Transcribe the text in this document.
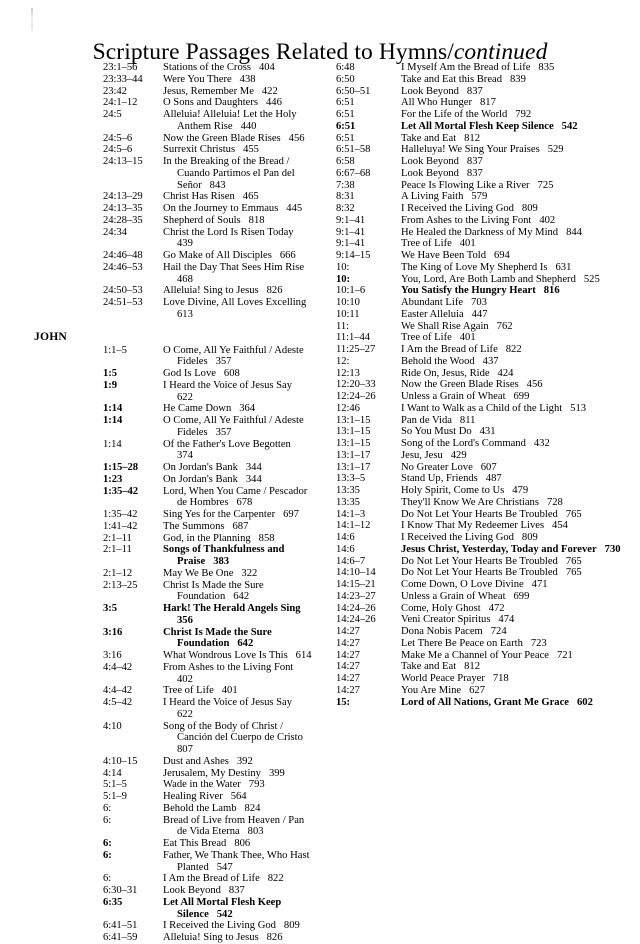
Scripture Passages Related to Hymns/continued
23:1–56	Stations of the Cross 404
23:33–44	Were You There 438
23:42	Jesus, Remember Me 422
24:1–12	O Sons and Daughters 446
24:5	Alleluia! Alleluia! Let the Holy Anthem Rise 440
24:5–6	Now the Green Blade Rises 456
24:5–6	Surrexit Christus 455
24:13–15	In the Breaking of the Bread / Cuando Partimos el Pan del Señor 843
24:13–29	Christ Has Risen 465
24:13–35	On the Journey to Emmaus 445
24:28–35	Shepherd of Souls 818
24:34	Christ the Lord Is Risen Today   439
24:46–48	Go Make of All Disciples 666
24:46–53	Hail the Day That Sees Him Rise   468
24:50–53	Alleluia! Sing to Jesus 826
24:51–53	Love Divine, All Loves Excelling   613
JOHN
1:1–5	O Come, All Ye Faithful / Adeste Fideles 357
1:5	God Is Love 608
1:9	I Heard the Voice of Jesus Say   622
1:14	He Came Down 364
1:14	O Come, All Ye Faithful / Adeste Fideles 357
1:14	Of the Father's Love Begotten   374
1:15–28	On Jordan's Bank 344
1:23	On Jordan's Bank 344
1:35–42	Lord, When You Came / Pescador de Hombres 678
1:35–42	Sing Yes for the Carpenter 697
1:41–42	The Summons 687
2:1–11	God, in the Planning 858
2:1–11	Songs of Thankfulness and Praise 383
2:1–12	May We Be One 322
2:13–25	Christ Is Made the Sure Foundation 642
3:5	Hark! The Herald Angels Sing   356
3:16	Christ Is Made the Sure Foundation 642
3:16	What Wondrous Love Is This 614
4:4–42	From Ashes to the Living Font   402
4:4–42	Tree of Life 401
4:5–42	I Heard the Voice of Jesus Say   622
4:10	Song of the Body of Christ / Canción del Cuerpo de Cristo   807
4:10–15	Dust and Ashes 392
4:14	Jerusalem, My Destiny 399
5:1–5	Wade in the Water 793
5:1–9	Healing River 564
6:	Behold the Lamb 824
6:	Bread of Live from Heaven / Pan de Vida Eterna 803
6:	Eat This Bread 806
6:	Father, We Thank Thee, Who Hast Planted 547
6:	I Am the Bread of Life 822
6:30–31	Look Beyond 837
6:35	Let All Mortal Flesh Keep Silence 542
6:41–51	I Received the Living God 809
6:41–59	Alleluia! Sing to Jesus 826
6:48	I Myself Am the Bread of Life 835
6:50	Take and Eat this Bread 839
6:50–51	Look Beyond 837
6:51	All Who Hunger 817
6:51	For the Life of the World 792
6:51	Let All Mortal Flesh Keep Silence 542
6:51	Take and Eat 812
6:51–58	Halleluya! We Sing Your Praises 529
6:58	Look Beyond 837
6:67–68	Look Beyond 837
7:38	Peace Is Flowing Like a River 725
8:31	A Living Faith 579
8:32	I Received the Living God 809
9:1–41	From Ashes to the Living Font 402
9:1–41	He Healed the Darkness of My Mind 844
9:1–41	Tree of Life 401
9:14–15	We Have Been Told 694
10:	The King of Love My Shepherd Is 631
10:	You, Lord, Are Both Lamb and Shepherd 525
10:1–6	You Satisfy the Hungry Heart 816
10:10	Abundant Life 703
10:11	Easter Alleluia 447
11:	We Shall Rise Again 762
11:1–44	Tree of Life 401
11:25–27	I Am the Bread of Life 822
12:	Behold the Wood 437
12:13	Ride On, Jesus, Ride 424
12:20–33	Now the Green Blade Rises 456
12:24–26	Unless a Grain of Wheat 699
12:46	I Want to Walk as a Child of the Light 513
13:1–15	Pan de Vida 811
13:1–15	So You Must Do 431
13:1–15	Song of the Lord's Command 432
13:1–17	Jesu, Jesu 429
13:1–17	No Greater Love 607
13:3–5	Stand Up, Friends 487
13:35	Holy Spirit, Come to Us 479
13:35	They'll Know We Are Christians 728
14:1–3	Do Not Let Your Hearts Be Troubled 765
14:1–12	I Know That My Redeemer Lives 454
14:6	I Received the Living God 809
14:6	Jesus Christ, Yesterday, Today and Forever 730
14:6–7	Do Not Let Your Hearts Be Troubled 765
14:10–14	Do Not Let Your Hearts Be Troubled 765
14:15–21	Come Down, O Love Divine 471
14:23–27	Unless a Grain of Wheat 699
14:24–26	Come, Holy Ghost 472
14:24–26	Veni Creator Spiritus 474
14:27	Dona Nobis Pacem 724
14:27	Let There Be Peace on Earth 723
14:27	Make Me a Channel of Your Peace 721
14:27	Take and Eat 812
14:27	World Peace Prayer 718
14:27	You Are Mine 627
15:	Lord of All Nations, Grant Me Grace 602
